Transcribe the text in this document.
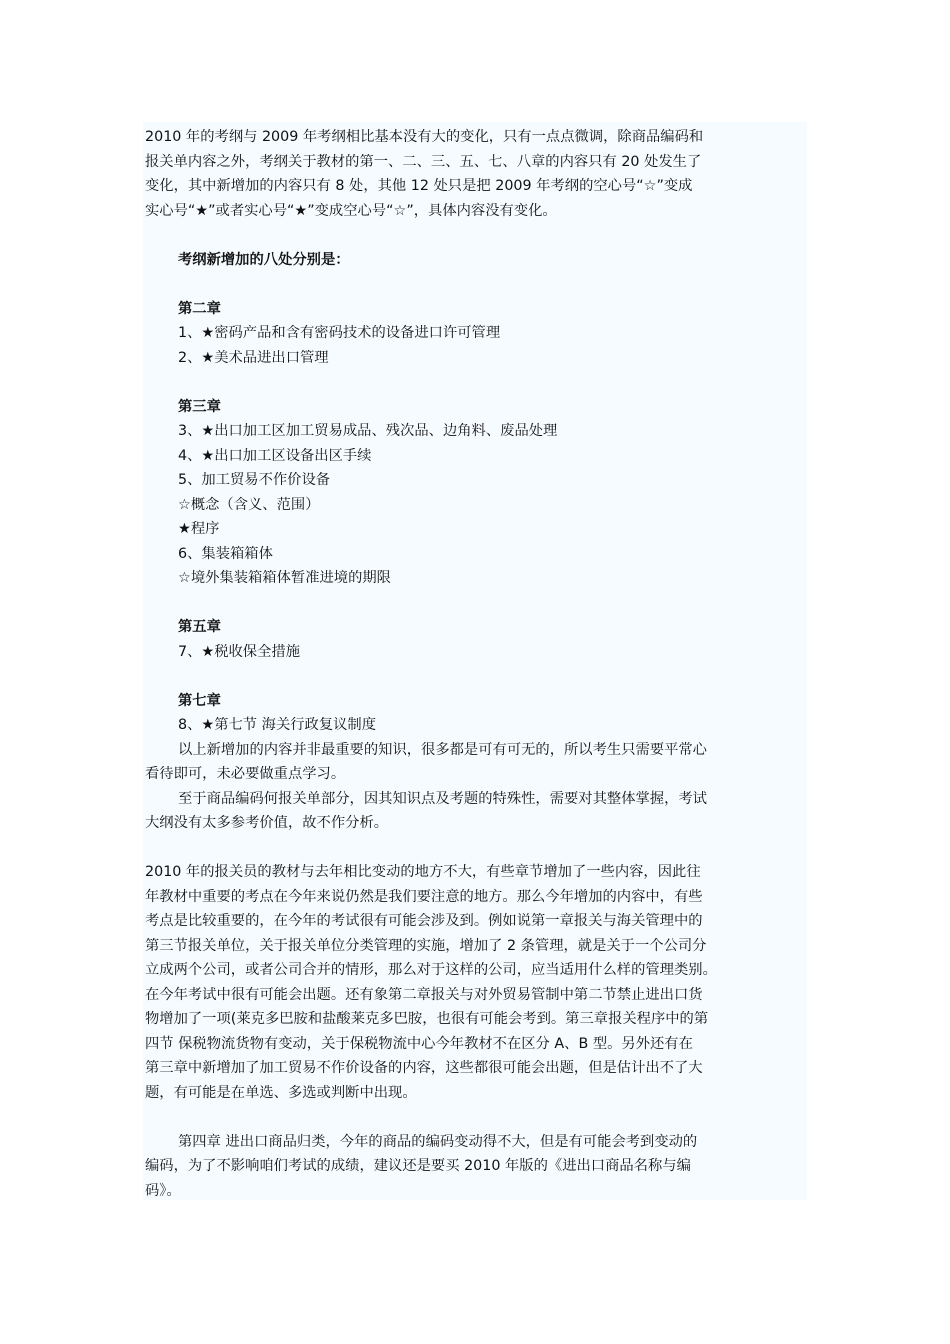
2010 年的考纲与 2009 年考纲相比基本没有大的变化，只有一点点微调，除商品编码和

报关单内容之外，考纲关于教材的第一、二、三、五、七、八章的内容只有 20 处发生了

变化，其中新增加的内容只有 8 处，其他 12 处只是把 2009 年考纲的空心号“☆”变成

实心号“★”或者实心号“★”变成空心号“☆”，具体内容没有变化。

考纲新增加的八处分别是：

第二章

1、★密码产品和含有密码技术的设备进口许可管理

2、★美术品进出口管理

第三章

3、★出口加工区加工贸易成品、残次品、边角料、废品处理

4、★出口加工区设备出区手续

5、加工贸易不作价设备

☆概念（含义、范围）

★程序

6、集装箱箱体

☆境外集装箱箱体暂准进境的期限

第五章

7、★税收保全措施

第七章

8、★第七节 海关行政复议制度

以上新增加的内容并非最重要的知识，很多都是可有可无的，所以考生只需要平常心

看待即可，未必要做重点学习。

至于商品编码何报关单部分，因其知识点及考题的特殊性，需要对其整体掌握，考试

大纲没有太多参考价值，故不作分析。

2010 年的报关员的教材与去年相比变动的地方不大，有些章节增加了一些内容，因此往

年教材中重要的考点在今年来说仍然是我们要注意的地方。那么今年增加的内容中，有些

考点是比较重要的，在今年的考试很有可能会涉及到。例如说第一章报关与海关管理中的

第三节报关单位，关于报关单位分类管理的实施，增加了 2 条管理，就是关于一个公司分

立成两个公司，或者公司合并的情形，那么对于这样的公司，应当适用什么样的管理类别。

在今年考试中很有可能会出题。还有象第二章报关与对外贸易管制中第二节禁止进出口货

物增加了一项(莱克多巴胺和盐酸莱克多巴胺，也很有可能会考到。第三章报关程序中的第

四节 保税物流货物有变动，关于保税物流中心今年教材不在区分 A、B 型。另外还有在

第三章中新增加了加工贸易不作价设备的内容，这些都很可能会出题，但是估计出不了大

题，有可能是在单选、多选或判断中出现。

第四章 进出口商品归类，今年的商品的编码变动得不大，但是有可能会考到变动的

编码，为了不影响咱们考试的成绩，建议还是要买 2010 年版的《进出口商品名称与编

码》。
